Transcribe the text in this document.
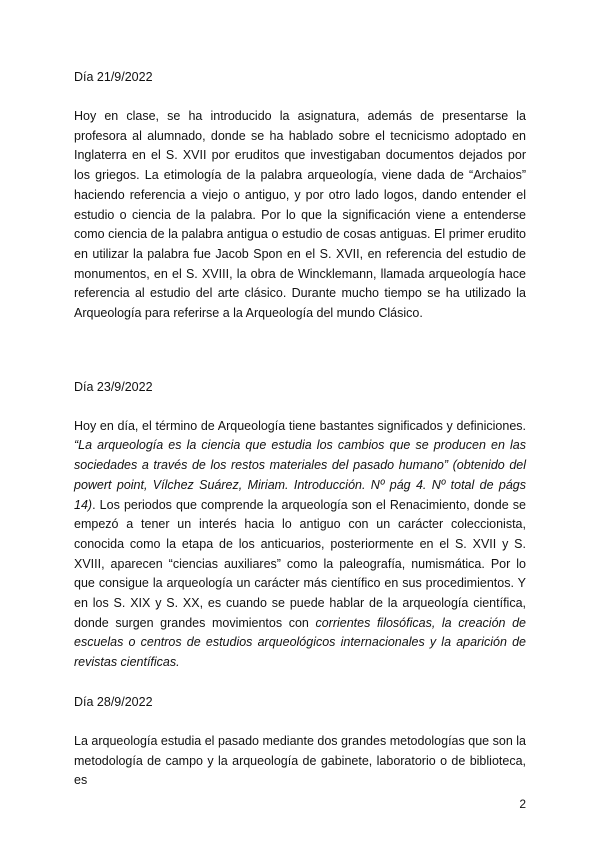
Día 21/9/2022

Hoy en clase, se ha introducido la asignatura, además de presentarse la profesora al alumnado, donde se ha hablado sobre el tecnicismo adoptado en Inglaterra en el S. XVII por eruditos que investigaban documentos dejados por los griegos. La etimología de la palabra arqueología, viene dada de “Archaios” haciendo referencia a viejo o antiguo, y por otro lado logos, dando entender el estudio o ciencia de la palabra. Por lo que la significación viene a entenderse como ciencia de la palabra antigua o estudio de cosas antiguas. El primer erudito en utilizar la palabra fue Jacob Spon en el S. XVII, en referencia del estudio de monumentos, en el S. XVIII, la obra de Wincklemann, llamada arqueología hace referencia al estudio del arte clásico. Durante mucho tiempo se ha utilizado la Arqueología para referirse a la Arqueología del mundo Clásico.

Día 23/9/2022

Hoy en día, el término de Arqueología tiene bastantes significados y definiciones. “La arqueología es la ciencia que estudia los cambios que se producen en las sociedades a través de los restos materiales del pasado humano” (obtenido del powert point, Vílchez Suárez, Miriam. Introducción. Nº pág 4. Nº total de págs 14). Los periodos que comprende la arqueología son el Renacimiento, donde se empezó a tener un interés hacia lo antiguo con un carácter coleccionista, conocida como la etapa de los anticuarios, posteriormente en el S. XVII y S. XVIII, aparecen “ciencias auxiliares” como la paleografía, numismática. Por lo que consigue la arqueología un carácter más científico en sus procedimientos. Y en los S. XIX y S. XX, es cuando se puede hablar de la arqueología científica, donde surgen grandes movimientos con corrientes filosóficas, la creación de escuelas o centros de estudios arqueológicos internacionales y la aparición de revistas científicas.

Día 28/9/2022

La arqueología estudia el pasado mediante dos grandes metodologías que son la metodología de campo y la arqueología de gabinete, laboratorio o de biblioteca, es

2
